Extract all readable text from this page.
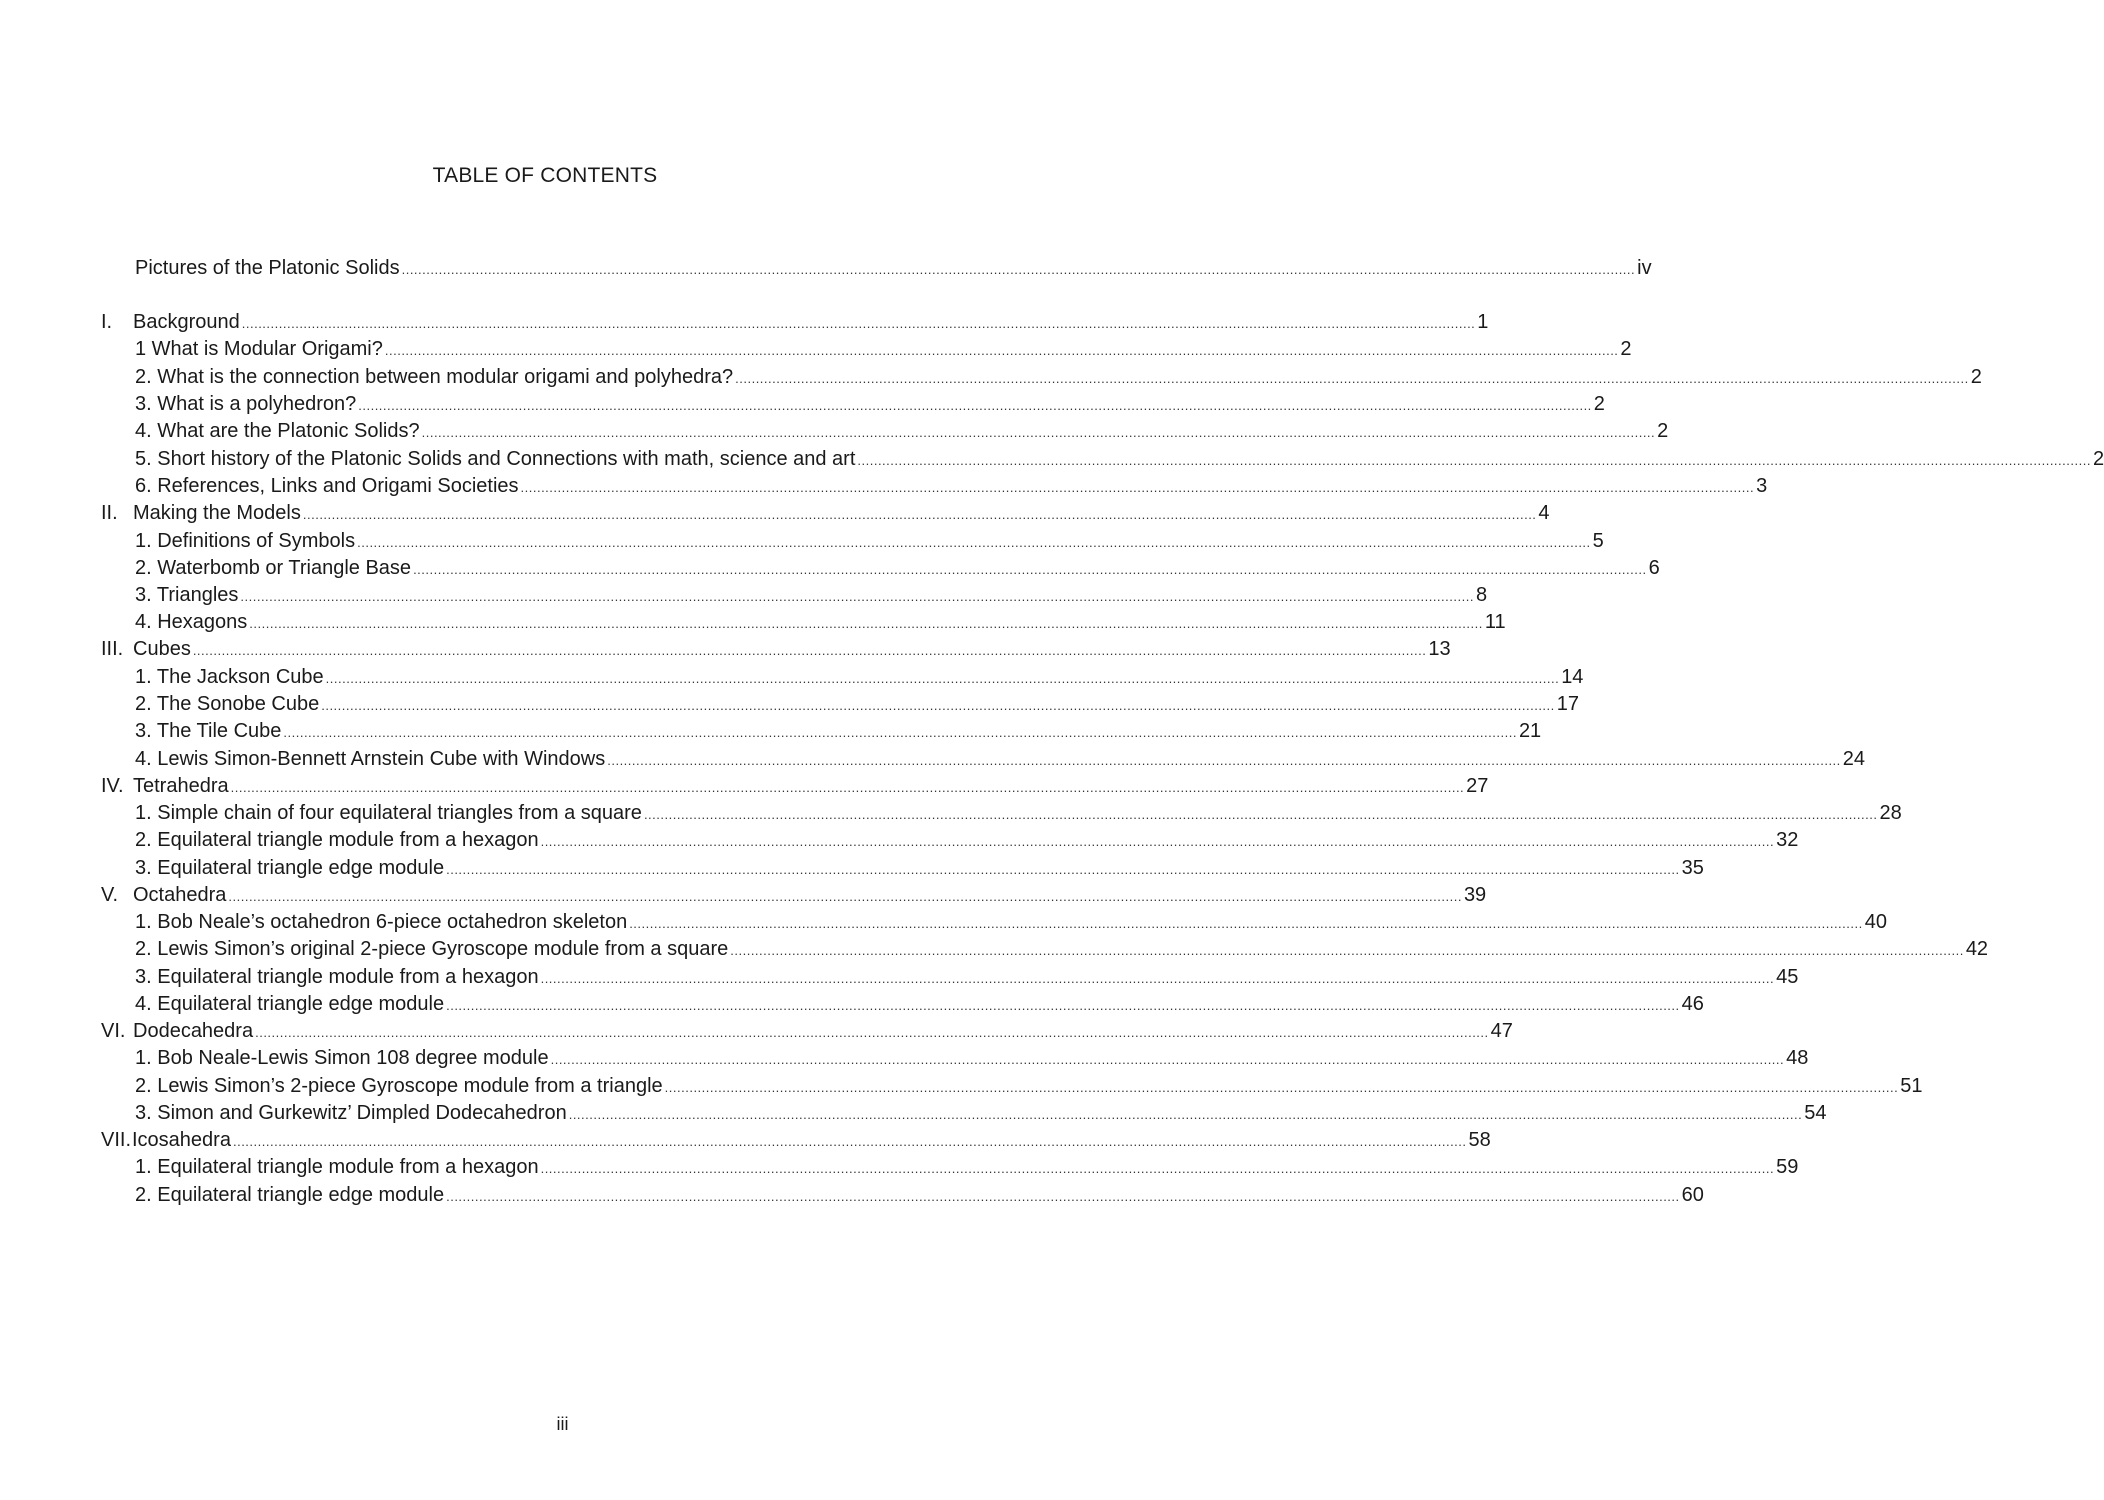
TABLE OF CONTENTS
Pictures of the Platonic Solids ............................................................................................................................................................................................................................................................................................................ iv
I. Background ............................................................................................................................................................................................................................................................................................................ 1
1 What is Modular Origami? ............................................................................................................................................................................................................................................................................................................ 2
2. What is the connection between modular origami and polyhedra? ............................................................................................................................................................................................................................................................................................................ 2
3. What is a polyhedron? ............................................................................................................................................................................................................................................................................................................ 2
4. What are the Platonic Solids? ............................................................................................................................................................................................................................................................................................................ 2
5. Short history of the Platonic Solids and Connections with math, science and art ............................................................................................................................................................................................................................................................................................................ 2
6. References, Links and Origami Societies ............................................................................................................................................................................................................................................................................................................ 3
II. Making the Models ............................................................................................................................................................................................................................................................................................................ 4
1. Definitions of Symbols ............................................................................................................................................................................................................................................................................................................ 5
2. Waterbomb or Triangle Base ............................................................................................................................................................................................................................................................................................................ 6
3. Triangles ............................................................................................................................................................................................................................................................................................................ 8
4. Hexagons ............................................................................................................................................................................................................................................................................................................ 11
III. Cubes ............................................................................................................................................................................................................................................................................................................ 13
1. The Jackson Cube ............................................................................................................................................................................................................................................................................................................ 14
2. The Sonobe Cube ............................................................................................................................................................................................................................................................................................................ 17
3. The Tile Cube ............................................................................................................................................................................................................................................................................................................ 21
4. Lewis Simon-Bennett Arnstein Cube with Windows ............................................................................................................................................................................................................................................................................................................ 24
IV. Tetrahedra ............................................................................................................................................................................................................................................................................................................ 27
1. Simple chain of four equilateral triangles from a square ............................................................................................................................................................................................................................................................................................................ 28
2. Equilateral triangle module from a hexagon ............................................................................................................................................................................................................................................................................................................ 32
3. Equilateral triangle edge module ............................................................................................................................................................................................................................................................................................................ 35
V. Octahedra ............................................................................................................................................................................................................................................................................................................ 39
1. Bob Neale’s octahedron 6-piece octahedron skeleton ............................................................................................................................................................................................................................................................................................................ 40
2. Lewis Simon’s original 2-piece Gyroscope module from a square ............................................................................................................................................................................................................................................................................................................ 42
3. Equilateral triangle module from a hexagon ............................................................................................................................................................................................................................................................................................................ 45
4. Equilateral triangle edge module ............................................................................................................................................................................................................................................................................................................ 46
VI. Dodecahedra ............................................................................................................................................................................................................................................................................................................ 47
1. Bob Neale-Lewis Simon 108 degree module ............................................................................................................................................................................................................................................................................................................ 48
2. Lewis Simon’s 2-piece Gyroscope module from a triangle ............................................................................................................................................................................................................................................................................................................ 51
3. Simon and Gurkewitz’ Dimpled Dodecahedron ............................................................................................................................................................................................................................................................................................................ 54
VII. Icosahedra ............................................................................................................................................................................................................................................................................................................ 58
1. Equilateral triangle module from a hexagon ............................................................................................................................................................................................................................................................................................................ 59
2. Equilateral triangle edge module ............................................................................................................................................................................................................................................................................................................ 60
iii
